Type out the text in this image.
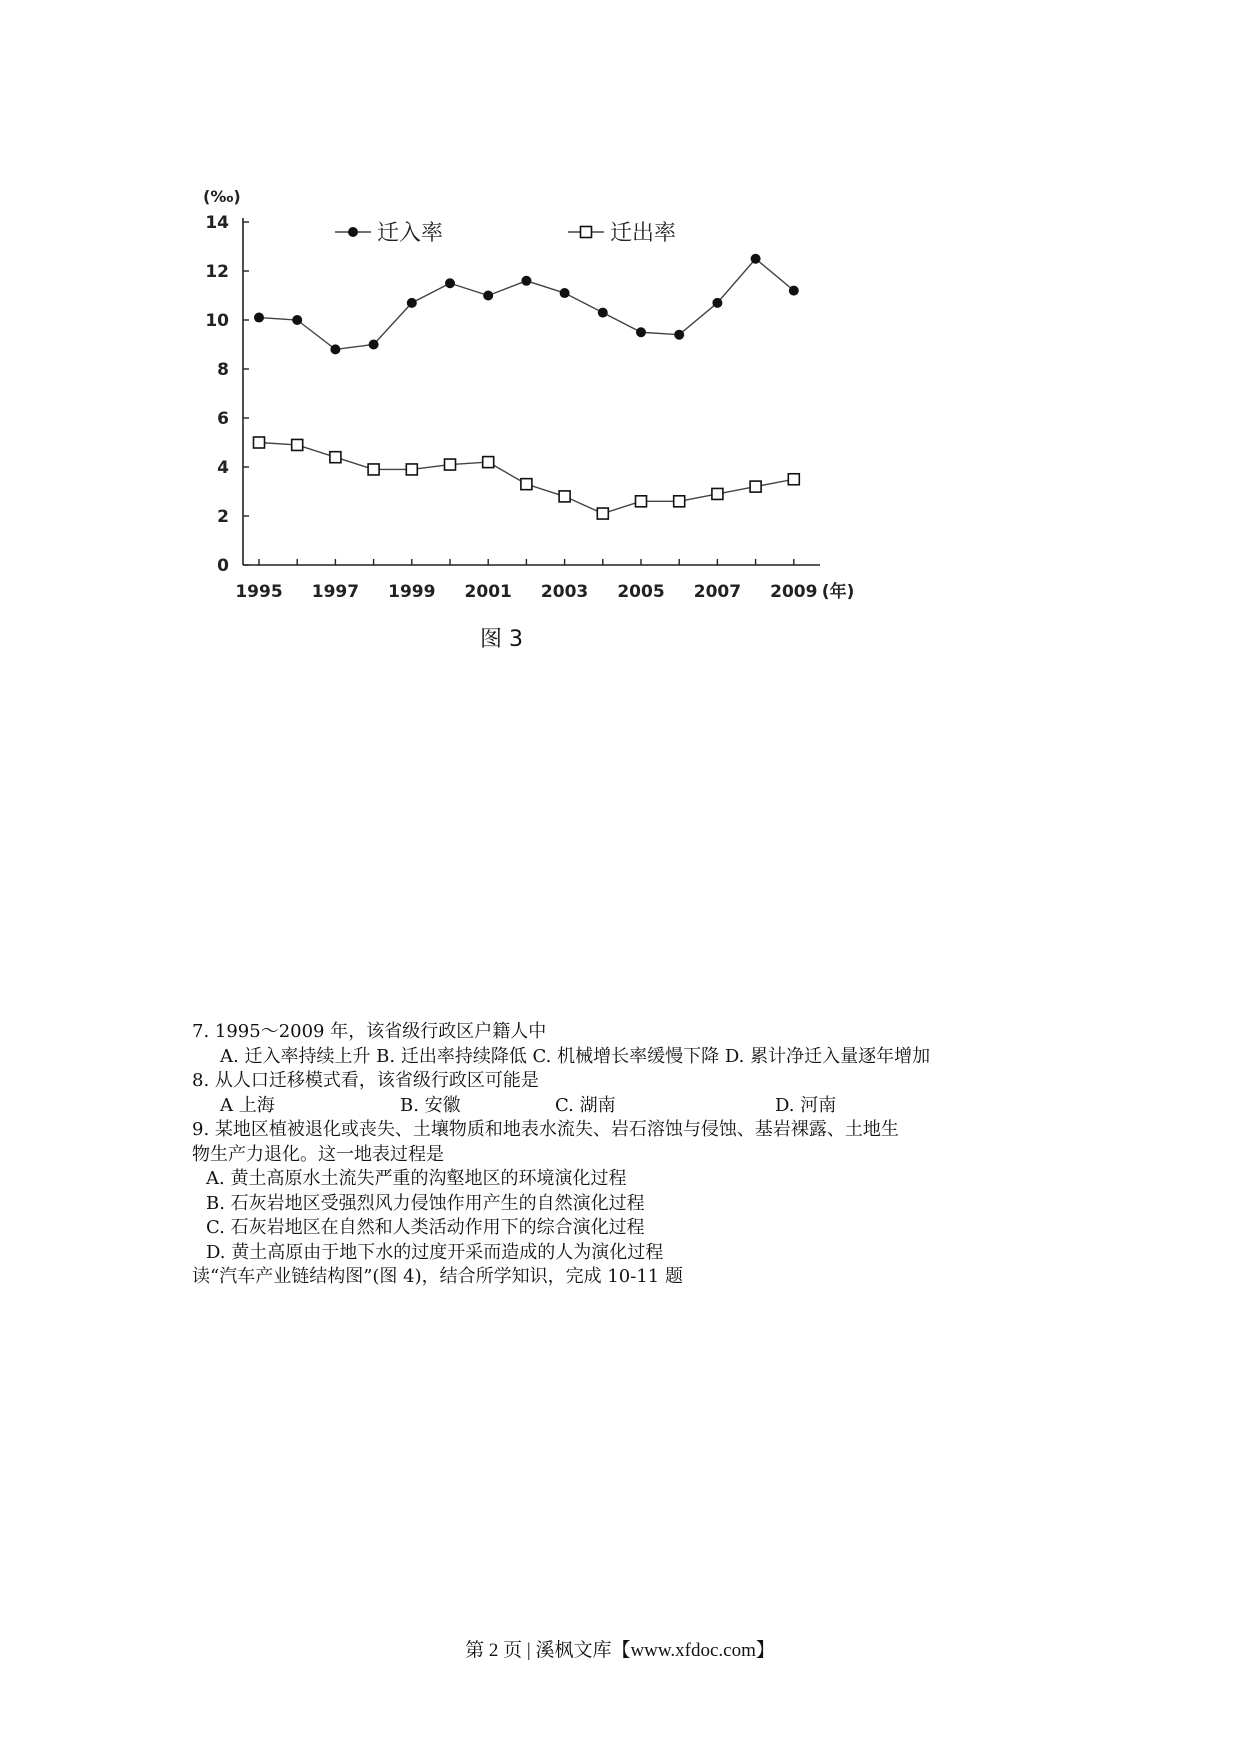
(‰)
0
2
4
6
8
10
12
14
1995 1997 1999 2001 2003 2005 2007 2009 (年)
迁入率	迁出率
图 3
7. 1995～2009 年，该省级行政区户籍人中
A. 迁入率持续上升 B. 迁出率持续降低 C. 机械增长率缓慢下降 D. 累计净迁入量逐年增加
8. 从人口迁移模式看，该省级行政区可能是
A 上海	B. 安徽	C. 湖南	D. 河南
9. 某地区植被退化或丧失、土壤物质和地表水流失、岩石溶蚀与侵蚀、基岩裸露、土地生
物生产力退化。这一地表过程是
A. 黄土高原水土流失严重的沟壑地区的环境演化过程
B. 石灰岩地区受强烈风力侵蚀作用产生的自然演化过程
C. 石灰岩地区在自然和人类活动作用下的综合演化过程
D. 黄土高原由于地下水的过度开采而造成的人为演化过程
读“汽车产业链结构图”(图 4)，结合所学知识，完成 10-11 题
第 2 页 | 溪枫文库【www.xfdoc.com】
